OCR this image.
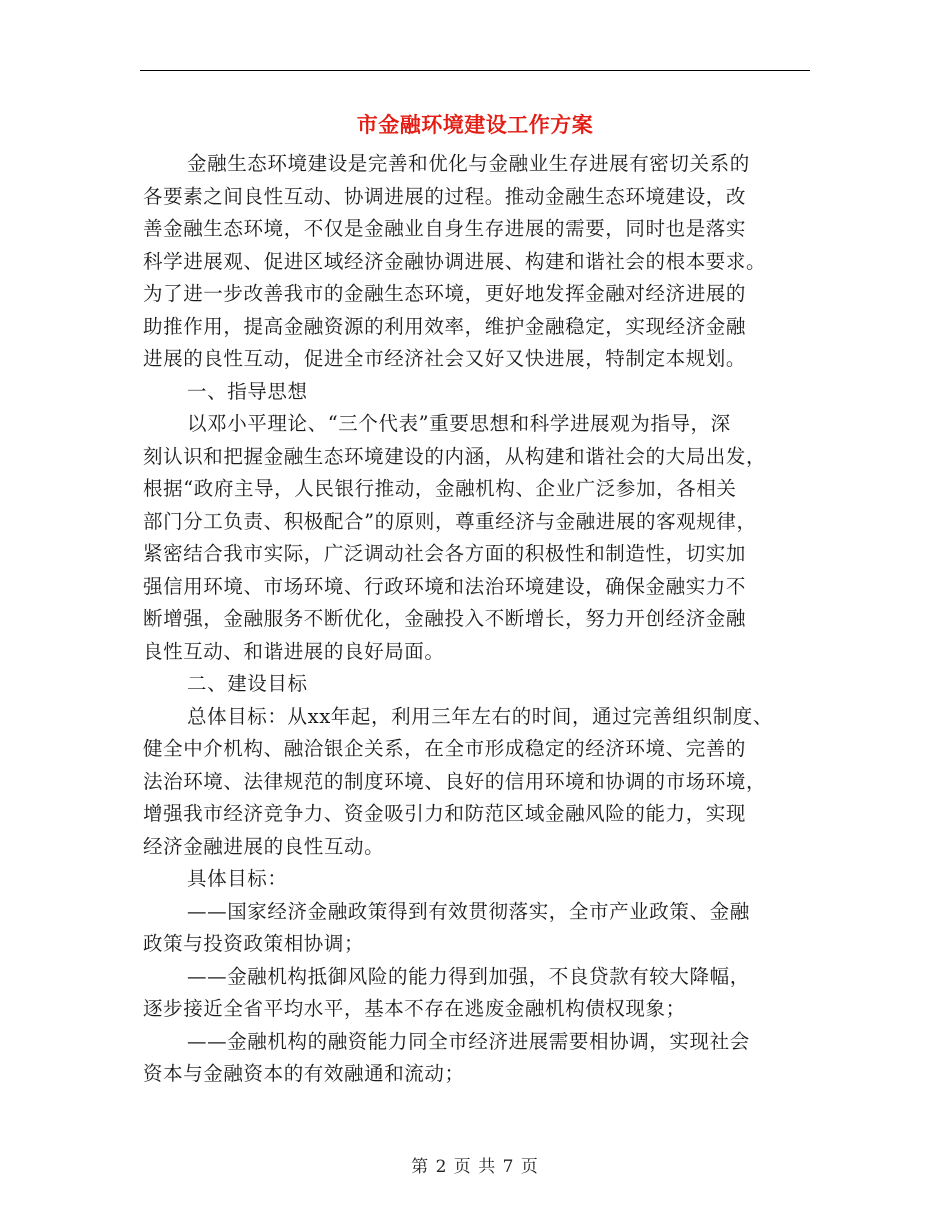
市金融环境建设工作方案
金融生态环境建设是完善和优化与金融业生存进展有密切关系的
各要素之间良性互动、协调进展的过程。推动金融生态环境建设，改
善金融生态环境，不仅是金融业自身生存进展的需要，同时也是落实
科学进展观、促进区域经济金融协调进展、构建和谐社会的根本要求。
为了进一步改善我市的金融生态环境，更好地发挥金融对经济进展的
助推作用，提高金融资源的利用效率，维护金融稳定，实现经济金融
进展的良性互动，促进全市经济社会又好又快进展，特制定本规划。
一、指导思想
以邓小平理论、“三个代表”重要思想和科学进展观为指导，深
刻认识和把握金融生态环境建设的内涵，从构建和谐社会的大局出发，
根据“政府主导，人民银行推动，金融机构、企业广泛参加，各相关
部门分工负责、积极配合”的原则，尊重经济与金融进展的客观规律，
紧密结合我市实际，广泛调动社会各方面的积极性和制造性，切实加
强信用环境、市场环境、行政环境和法治环境建设，确保金融实力不
断增强，金融服务不断优化，金融投入不断增长，努力开创经济金融
良性互动、和谐进展的良好局面。
二、建设目标
总体目标：从xx年起，利用三年左右的时间，通过完善组织制度、
健全中介机构、融洽银企关系，在全市形成稳定的经济环境、完善的
法治环境、法律规范的制度环境、良好的信用环境和协调的市场环境，
增强我市经济竞争力、资金吸引力和防范区域金融风险的能力，实现
经济金融进展的良性互动。
具体目标：
——国家经济金融政策得到有效贯彻落实，全市产业政策、金融
政策与投资政策相协调；
——金融机构抵御风险的能力得到加强，不良贷款有较大降幅，
逐步接近全省平均水平，基本不存在逃废金融机构债权现象；
——金融机构的融资能力同全市经济进展需要相协调，实现社会
资本与金融资本的有效融通和流动；
第 2 页 共 7 页
